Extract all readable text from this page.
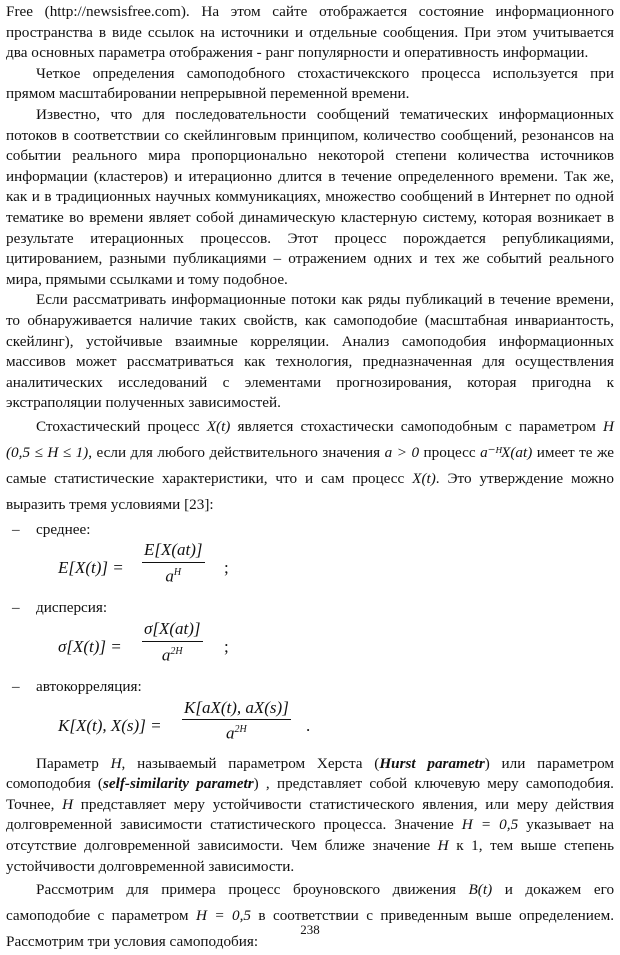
Free (http://newsisfree.com). На этом сайте отображается состояние информационного пространства в виде ссылок на источники и отдельные сообщения. При этом учитывается два основных параметра отображения - ранг популярности и оперативность информации.

Четкое определения самоподобного стохастичекского процесса используется при прямом масштабировании непрерывной переменной времени.

Известно, что для последовательности сообщений тематических информационных потоков в соответствии со скейлинговым принципом, количество сообщений, резонансов на событии реального мира пропорционально некоторой степени количества источников информации (кластеров) и итерационно длится в течение определенного времени. Так же, как и в традиционных научных коммуникациях, множество сообщений в Интернет по одной тематике во времени являет собой динамическую кластерную систему, которая возникает в результате итерационных процессов. Этот процесс порождается републикациями, цитированием, разными публикациями – отражением одних и тех же событий реального мира, прямыми ссылками и тому подобное.

Если рассматривать информационные потоки как ряды публикаций в течение времени, то обнаруживается наличие таких свойств, как самоподобие (масштабная инвариантость, скейлинг), устойчивые взаимные корреляции. Анализ самоподобия информационных массивов может рассматриваться как технология, предназначенная для осуществления аналитических исследований с элементами прогнозирования, которая пригодна к экстраполяции полученных зависимостей.

Стохастический процесс X(t) является стохастически самоподобным с параметром H (0,5 ≤ H ≤ 1), если для любого действительного значения a > 0 процесс a⁻ᴴX(at) имеет те же самые статистические характеристики, что и сам процесс X(t). Это утверждение можно выразить тремя условиями [23]:

– среднее:
E[X(t)] =
E[X(at)]
$a^H$	;
– дисперсия:
σ[X(t)] =
σ[X(at)]
$a^{2H}$	;
– автокорреляция:
K[X(t), X(s)] =
K[aX(t), aX(s)]
$a^{2H}$	.

Параметр H, называемый параметром Херста (Hurst parametr) или параметром сомоподобия (self-similarity parametr) , представляет собой ключевую меру самоподобия. Точнее, H представляет меру устойчивости статистического явления, или меру действия долговременной зависимости статистического процесса. Значение H = 0,5 указывает на отсутствие долговременной зависимости. Чем ближе значение H к 1, тем выше степень устойчивости долговременной зависимости.

Рассмотрим для примера процесс броуновского движения B(t) и докажем его самоподобие с параметром H = 0,5 в соответствии с приведенным выше определением. Рассмотрим три условия самоподобия:

238
